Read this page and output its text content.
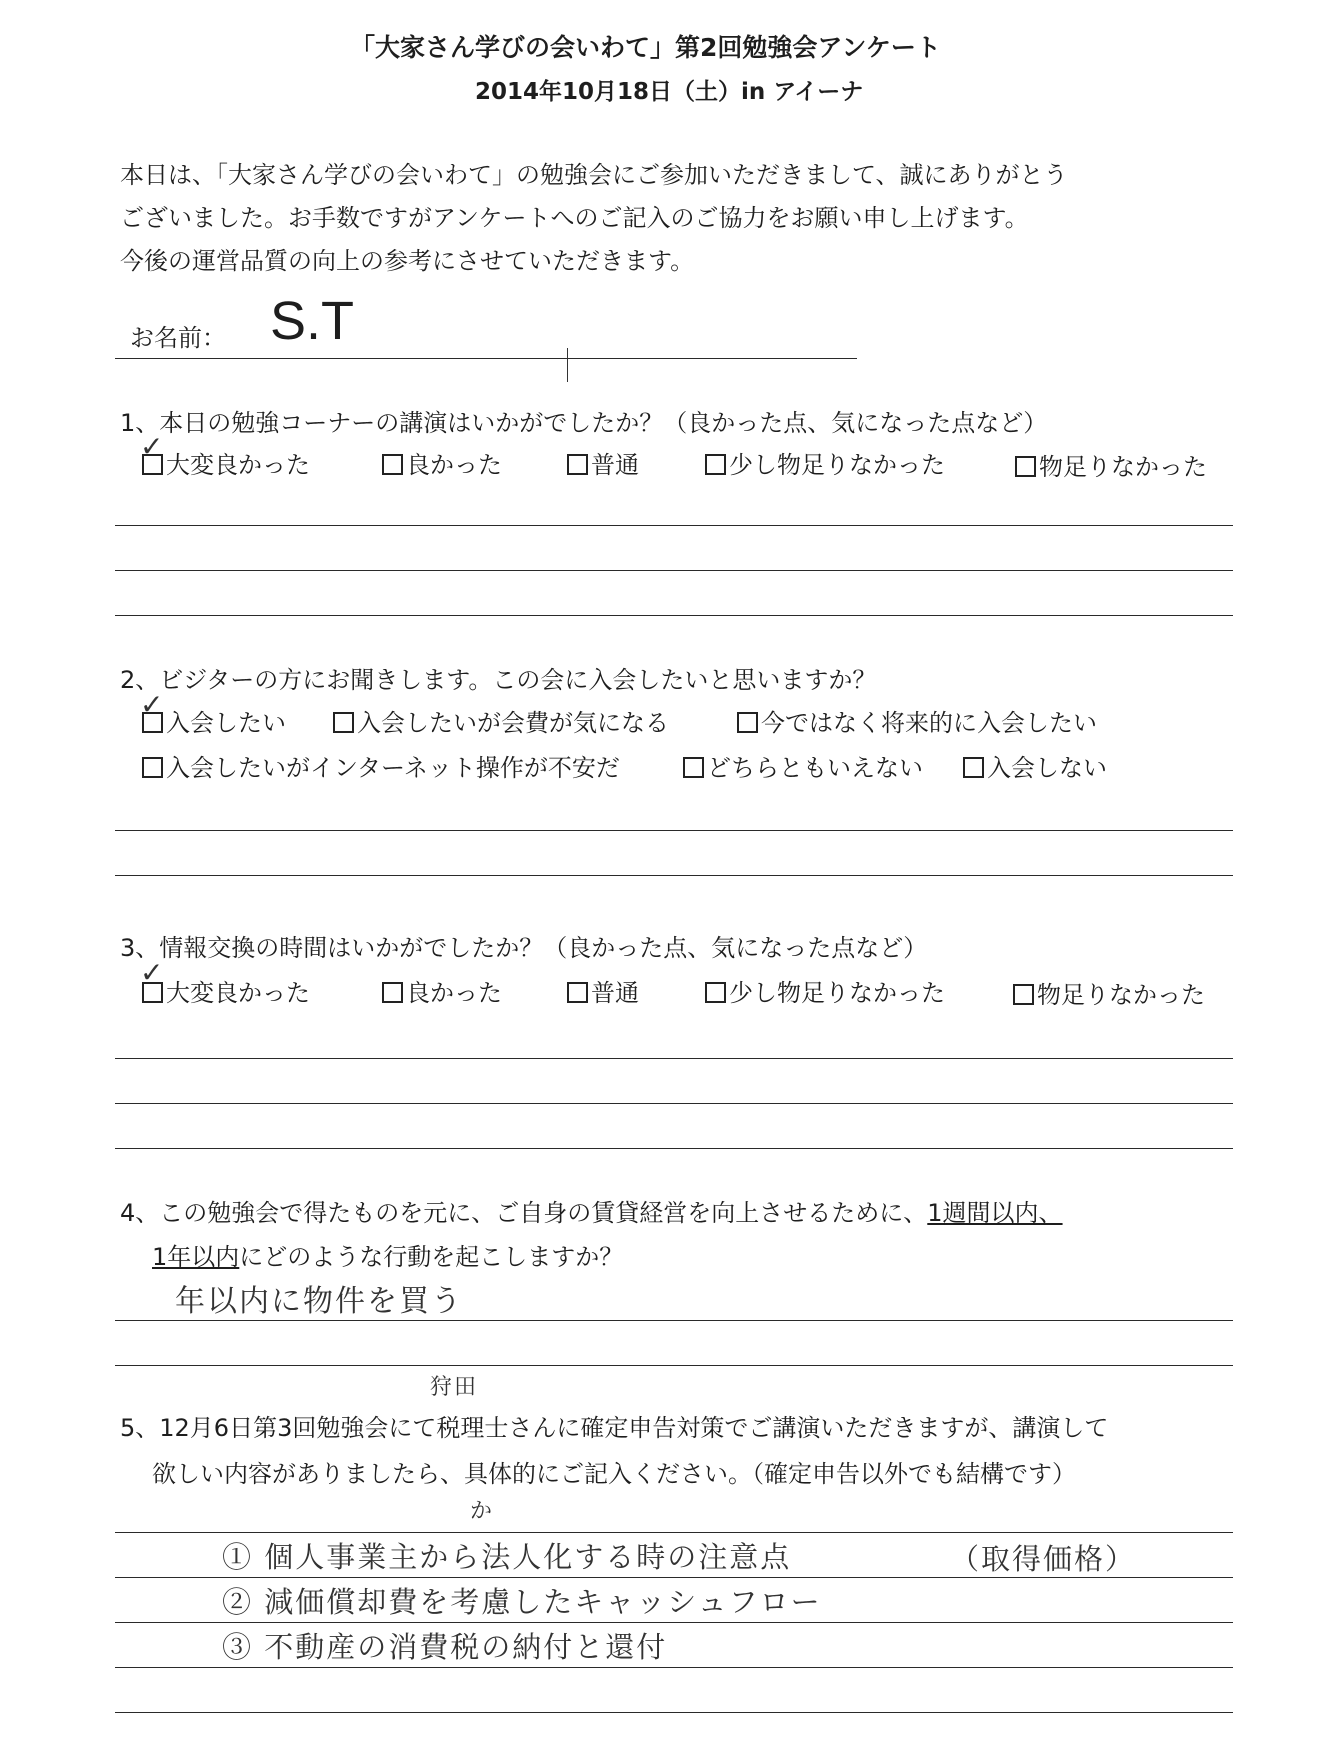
「大家さん学びの会いわて」第2回勉強会アンケート
2014年10月18日（土）in アイーナ
本日は、「大家さん学びの会いわて」の勉強会にご参加いただきまして、誠にありがとう
ございました。お手数ですがアンケートへのご記入のご協力をお願い申し上げます。
今後の運営品質の向上の参考にさせていただきます。
お名前： S.T
1、本日の勉強コーナーの講演はいかがでしたか？（良かった点、気になった点など）
✓
大変良かった	良かった	普通	少し物足りなかった	物足りなかった
2、ビジターの方にお聞きします。この会に入会したいと思いますか？
✓
入会したい	入会したいが会費が気になる	今ではなく将来的に入会したい
入会したいがインターネット操作が不安だ	どちらともいえない	入会しない
3、情報交換の時間はいかがでしたか？（良かった点、気になった点など）
✓
大変良かった	良かった	普通	少し物足りなかった	物足りなかった
4、この勉強会で得たものを元に、ご自身の賃貸経営を向上させるために、1週間以内、
1年以内にどのような行動を起こしますか？
年以内に物件を買う
狩田
5、12月6日第3回勉強会にて税理士さんに確定申告対策でご講演いただきますが、講演して
欲しい内容がありましたら、具体的にご記入ください。（確定申告以外でも結構です）
か
① 個人事業主から法人化する時の注意点	（取得価格）
② 減価償却費を考慮したキャッシュフロー
③ 不動産の消費税の納付と還付
